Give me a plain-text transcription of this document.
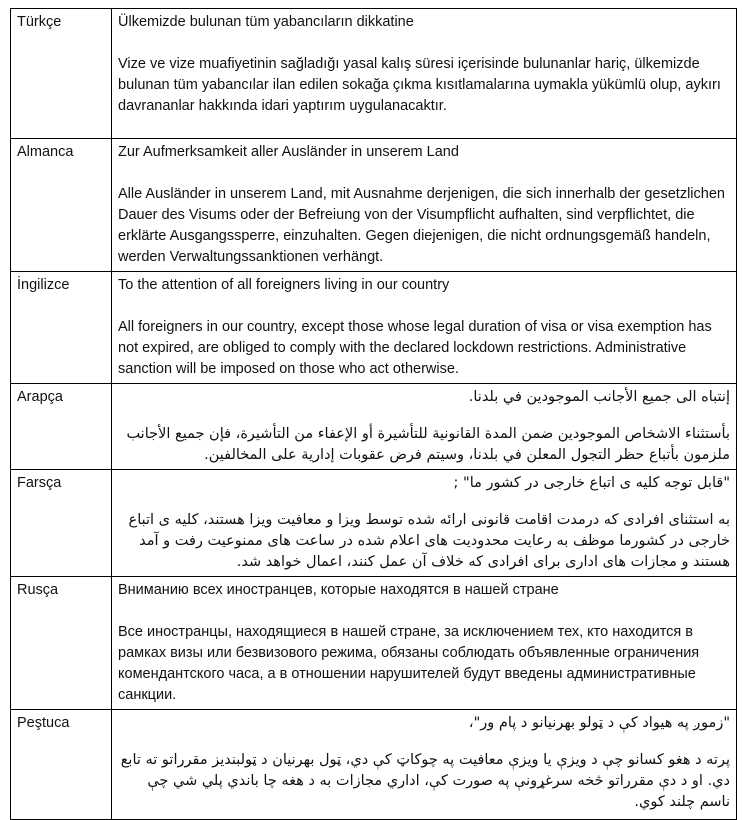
Türkçe	Ülkemizde bulunan tüm yabancıların dikkatine
Vize ve vize muafiyetinin sağladığı yasal kalış süresi içerisinde bulunanlar hariç, ülkemizde bulunan tüm yabancılar ilan edilen sokağa çıkma kısıtlamalarına uymakla yükümlü olup, aykırı davrananlar hakkında idari yaptırım uygulanacaktır.

Almanca	Zur Aufmerksamkeit aller Ausländer in unserem Land
Alle Ausländer in unserem Land, mit Ausnahme derjenigen, die sich innerhalb der gesetzlichen Dauer des Visums oder der Befreiung von der Visumpflicht aufhalten, sind verpflichtet, die erklärte Ausgangssperre, einzuhalten. Gegen diejenigen, die nicht ordnungsgemäß handeln, werden Verwaltungssanktionen verhängt.

İngilizce	To the attention of all foreigners living in our country
All foreigners in our country, except those whose legal duration of visa or visa exemption has not expired, are obliged to comply with the declared lockdown restrictions. Administrative sanction will be imposed on those who act otherwise.

Arapça	إنتباه الى جميع الأجانب الموجودين في بلدنا.
بأستثناء الاشخاص الموجودين ضمن المدة القانونية للتأشيرة أو الإعفاء من التأشيرة، فإن جميع الأجانب ملزمون بأتباع حظر التجول المعلن في بلدنا، وسيتم فرض عقوبات إدارية على المخالفين.

Farsça	"قابل توجه کلیه ی اتباع خارجی در کشور ما" ;
به استثنای افرادی که درمدت اقامت قانونی ارائه شده توسط ویزا و معافیت ویزا هستند، کلیه ی اتباع خارجی در کشورما موظف به رعایت محدودیت های اعلام شده در ساعت های ممنوعیت رفت و آمد هستند و مجازات های اداری برای افرادی که خلاف آن عمل کنند، اعمال خواهد شد.

Rusça	Вниманию всех иностранцев, которые находятся в нашей стране
Все иностранцы, находящиеся в нашей стране, за исключением тех, кто находится в рамках визы или безвизового режима, обязаны соблюдать объявленные ограничения комендантского часа, а в отношении нарушителей будут введены административные санкции.

Peştuca	"زموږ په هيواد کې د ټولو بهرنيانو د پام ور"،
پرته د هغو کسانو چې د ويزې يا ويزې معافيت په چوکاټ کې دي، ټول بهرنيان د ټولبنديز مقرراتو ته تابع دي. او د دې مقرراتو څخه سرغړونې په صورت کې، اداري مجازات به د هغه چا باندي پلي شي چې ناسم چلند کوي.
